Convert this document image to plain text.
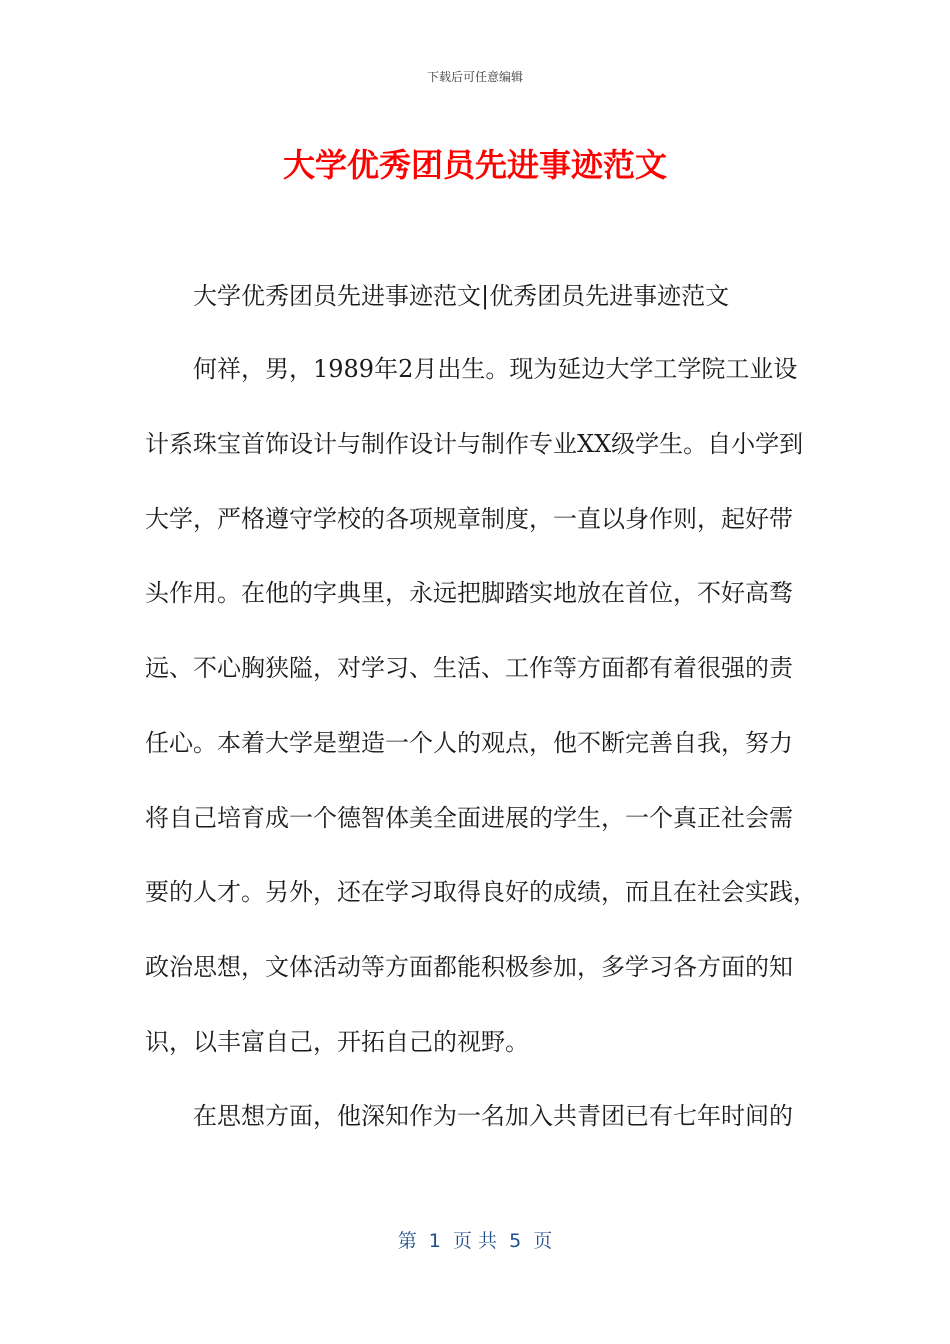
下载后可任意编辑
大学优秀团员先进事迹范文

大学优秀团员先进事迹范文|优秀团员先进事迹范文

何祥，男，1989年2月出生。现为延边大学工学院工业设

计系珠宝首饰设计与制作设计与制作专业XX级学生。自小学到

大学，严格遵守学校的各项规章制度，一直以身作则，起好带

头作用。在他的字典里，永远把脚踏实地放在首位，不好高骛

远、不心胸狭隘，对学习、生活、工作等方面都有着很强的责

任心。本着大学是塑造一个人的观点，他不断完善自我，努力

将自己培育成一个德智体美全面进展的学生，一个真正社会需

要的人才。另外，还在学习取得良好的成绩，而且在社会实践，

政治思想，文体活动等方面都能积极参加，多学习各方面的知

识，以丰富自己，开拓自己的视野。

在思想方面，他深知作为一名加入共青团已有七年时间的

第  1  页 共  5  页
